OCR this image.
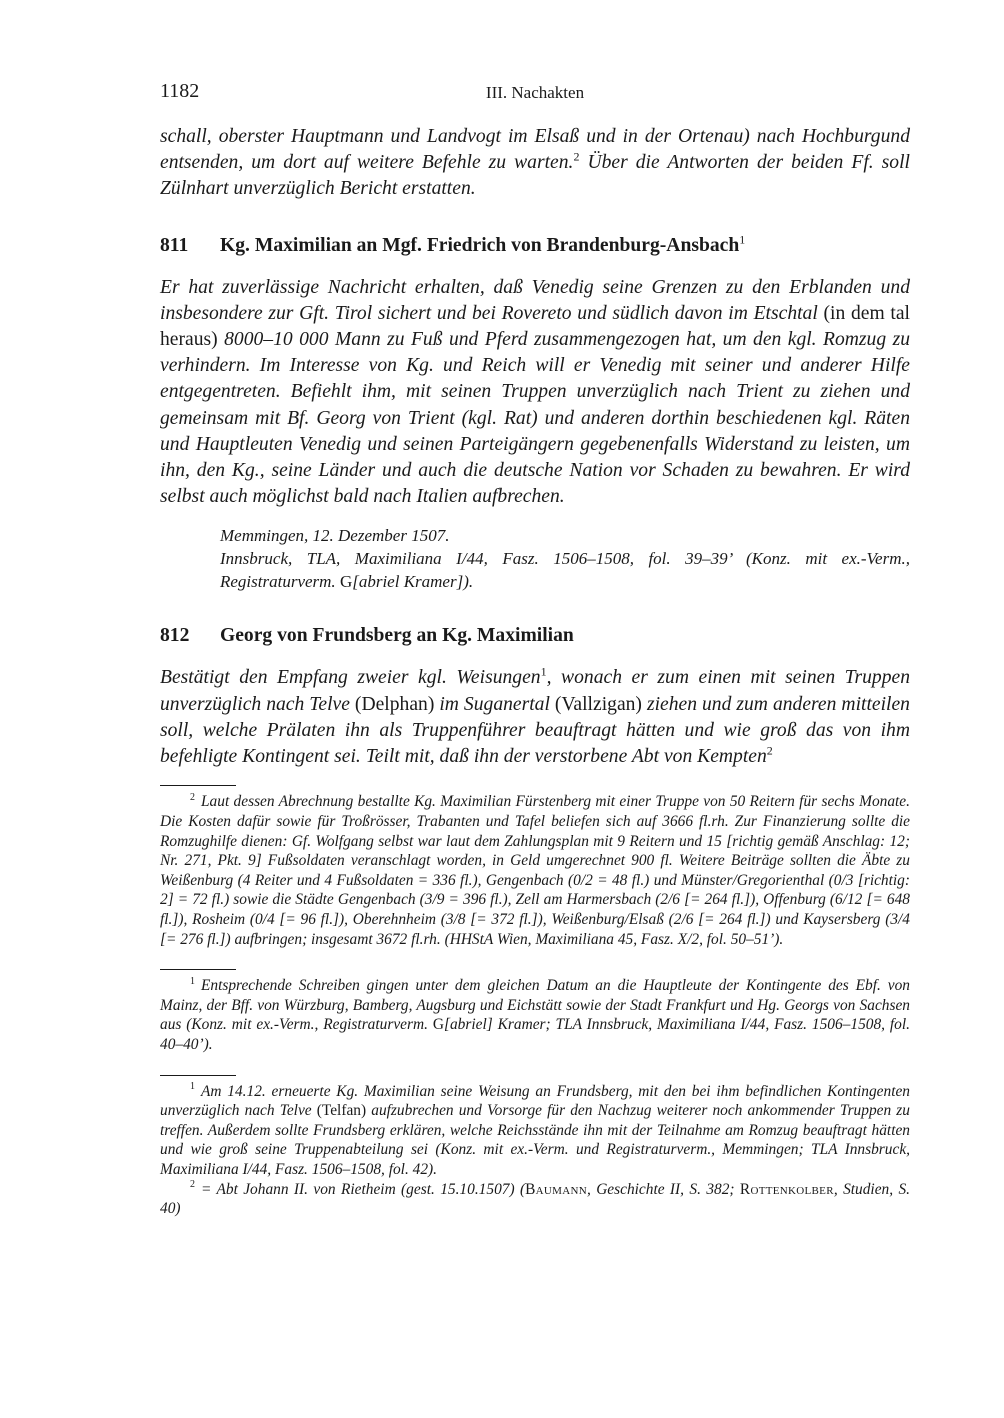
1182	III. Nachakten

schall, oberster Hauptmann und Landvogt im Elsaß und in der Ortenau) nach Hochburgund entsenden, um dort auf weitere Befehle zu warten.$^2$ Über die Antworten der beiden Ff. soll Zülnhart unverzüglich Bericht erstatten.

811	Kg. Maximilian an Mgf. Friedrich von Brandenburg-Ansbach$^1$

Er hat zuverlässige Nachricht erhalten, daß Venedig seine Grenzen zu den Erblanden und insbesondere zur Gft. Tirol sichert und bei Rovereto und südlich davon im Etschtal (in dem tal heraus) 8000–10 000 Mann zu Fuß und Pferd zusammengezogen hat, um den kgl. Romzug zu verhindern. Im Interesse von Kg. und Reich will er Venedig mit seiner und anderer Hilfe entgegentreten. Befiehlt ihm, mit seinen Truppen unverzüglich nach Trient zu ziehen und gemeinsam mit Bf. Georg von Trient (kgl. Rat) und anderen dorthin beschiedenen kgl. Räten und Hauptleuten Venedig und seinen Parteigängern gegebenenfalls Widerstand zu leisten, um ihn, den Kg., seine Länder und auch die deutsche Nation vor Schaden zu bewahren. Er wird selbst auch möglichst bald nach Italien aufbrechen.

Memmingen, 12. Dezember 1507.

Innsbruck, TLA, Maximiliana I/44, Fasz. 1506–1508, fol. 39–39’ (Konz. mit ex.-Verm., Registraturverm. G[abriel Kramer]).

812	Georg von Frundsberg an Kg. Maximilian

Bestätigt den Empfang zweier kgl. Weisungen$^1$, wonach er zum einen mit seinen Truppen unverzüglich nach Telve (Delphan) im Suganertal (Vallzigan) ziehen und zum anderen mitteilen soll, welche Prälaten ihn als Truppenführer beauftragt hätten und wie groß das von ihm befehligte Kontingent sei. Teilt mit, daß ihn der verstorbene Abt von Kempten$^2$

$^2$ Laut dessen Abrechnung bestallte Kg. Maximilian Fürstenberg mit einer Truppe von 50 Reitern für sechs Monate. Die Kosten dafür sowie für Troßrösser, Trabanten und Tafel beliefen sich auf 3666 fl.rh. Zur Finanzierung sollte die Romzughilfe dienen: Gf. Wolfgang selbst war laut dem Zahlungsplan mit 9 Reitern und 15 [richtig gemäß Anschlag: 12; Nr. 271, Pkt. 9] Fußsoldaten veranschlagt worden, in Geld umgerechnet 900 fl. Weitere Beiträge sollten die Äbte zu Weißenburg (4 Reiter und 4 Fußsoldaten = 336 fl.), Gengenbach (0/2 = 48 fl.) und Münster/Gregorienthal (0/3 [richtig: 2] = 72 fl.) sowie die Städte Gengenbach (3/9 = 396 fl.), Zell am Harmersbach (2/6 [= 264 fl.]), Offenburg (6/12 [= 648 fl.]), Rosheim (0/4 [= 96 fl.]), Oberehnheim (3/8 [= 372 fl.]), Weißenburg/Elsaß (2/6 [= 264 fl.]) und Kaysersberg (3/4 [= 276 fl.]) aufbringen; insgesamt 3672 fl.rh. (HHStA Wien, Maximiliana 45, Fasz. X/2, fol. 50–51’).

$^1$ Entsprechende Schreiben gingen unter dem gleichen Datum an die Hauptleute der Kontingente des Ebf. von Mainz, der Bff. von Würzburg, Bamberg, Augsburg und Eichstätt sowie der Stadt Frankfurt und Hg. Georgs von Sachsen aus (Konz. mit ex.-Verm., Registraturverm. G[abriel] Kramer; TLA Innsbruck, Maximiliana I/44, Fasz. 1506–1508, fol. 40–40’).

$^1$ Am 14.12. erneuerte Kg. Maximilian seine Weisung an Frundsberg, mit den bei ihm befindlichen Kontingenten unverzüglich nach Telve (Telfan) aufzubrechen und Vorsorge für den Nachzug weiterer noch ankommender Truppen zu treffen. Außerdem sollte Frundsberg erklären, welche Reichsstände ihn mit der Teilnahme am Romzug beauftragt hätten und wie groß seine Truppenabteilung sei (Konz. mit ex.-Verm. und Registraturverm., Memmingen; TLA Innsbruck, Maximiliana I/44, Fasz. 1506–1508, fol. 42).

$^2$ = Abt Johann II. von Rietheim (gest. 15.10.1507) (Baumann, Geschichte II, S. 382; Rottenkolber, Studien, S. 40)
